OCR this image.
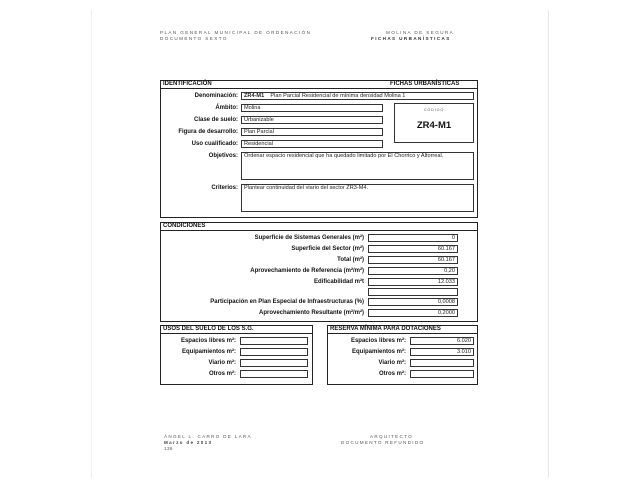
PLAN GENERAL MUNICIPAL DE ORDENACIÓN
DOCUMENTO SEXTO
MOLINA DE SEGURA
FICHAS URBANÍSTICAS
IDENTIFICACIÓN	FICHAS URBANÍSTICAS
Denominación:	ZR4-M1 Plan Parcial Residencial de mínima densidad Molina 1
Ámbito:	Molina
Clase de suelo:	Urbanizable
Figura de desarrollo:	Plan Parcial
Uso cualificado:	Residencial
CÓDIGO
ZR4-M1
Objetivos:	Ordenar espacio residencial que ha quedado limitado por El Chorrico y Altorreal.
Criterios:	Plantear continuidad del viario del sector ZR3-M4.
CONDICIONES
Superficie de Sistemas Generales (m²)	0
Superficie del Sector (m²)	60.167
Total (m²)	60.167
Aprovechamiento de Referencia (m²/m²)	0,20
Edificabilidad m²t	12.033
Participación en Plan Especial de Infraestructuras (%)	0,0008
Aprovechamiento Resultante (m²/m²)	0,2000
USOS DEL SUELO DE LOS S.G.
Espacios libres m²:
Equipamientos m²:
Viario m²:
Otros m²:
RESERVA MÍNIMA PARA DOTACIONES
Espacios libres m²:	6.020
Equipamientos m²:	3.010
Viario m²:
Otros m²:
ÁNGEL L. CARRO DE LARA
Marzo de 2013
136
ARQUITECTO
DOCUMENTO REFUNDIDO
